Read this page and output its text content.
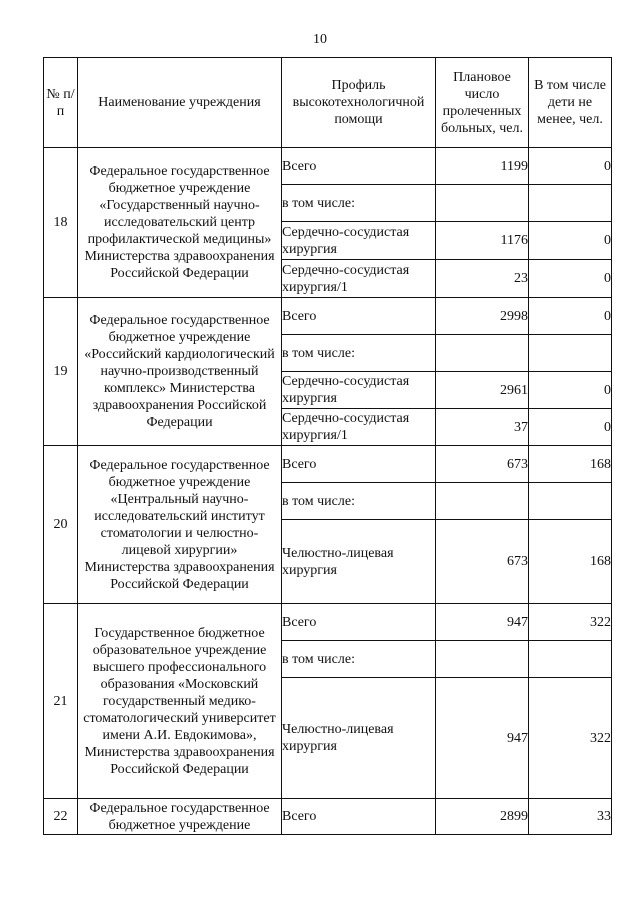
10
№ п/п	Наименование учреждения	Профиль высокотехнологичной помощи	Плановое число пролеченных больных, чел.	В том числе дети не менее, чел.
18	Федеральное государственное бюджетное учреждение «Государственный научно-исследовательский центр профилактической медицины» Министерства здравоохранения Российской Федерации	Всего	1199	0
		в том числе:		
		Сердечно-сосудистая хирургия	1176	0
		Сердечно-сосудистая хирургия/1	23	0
19	Федеральное государственное бюджетное учреждение «Российский кардиологический научно-производственный комплекс» Министерства здравоохранения Российской Федерации	Всего	2998	0
		в том числе:		
		Сердечно-сосудистая хирургия	2961	0
		Сердечно-сосудистая хирургия/1	37	0
20	Федеральное государственное бюджетное учреждение «Центральный научно-исследовательский институт стоматологии и челюстно-лицевой хирургии» Министерства здравоохранения Российской Федерации	Всего	673	168
		в том числе:		
		Челюстно-лицевая хирургия	673	168
21	Государственное бюджетное образовательное учреждение высшего профессионального образования «Московский государственный медико-стоматологический университет имени А.И. Евдокимова», Министерства здравоохранения Российской Федерации	Всего	947	322
		в том числе:		
		Челюстно-лицевая хирургия	947	322
22	Федеральное государственное бюджетное учреждение	Всего	2899	33
